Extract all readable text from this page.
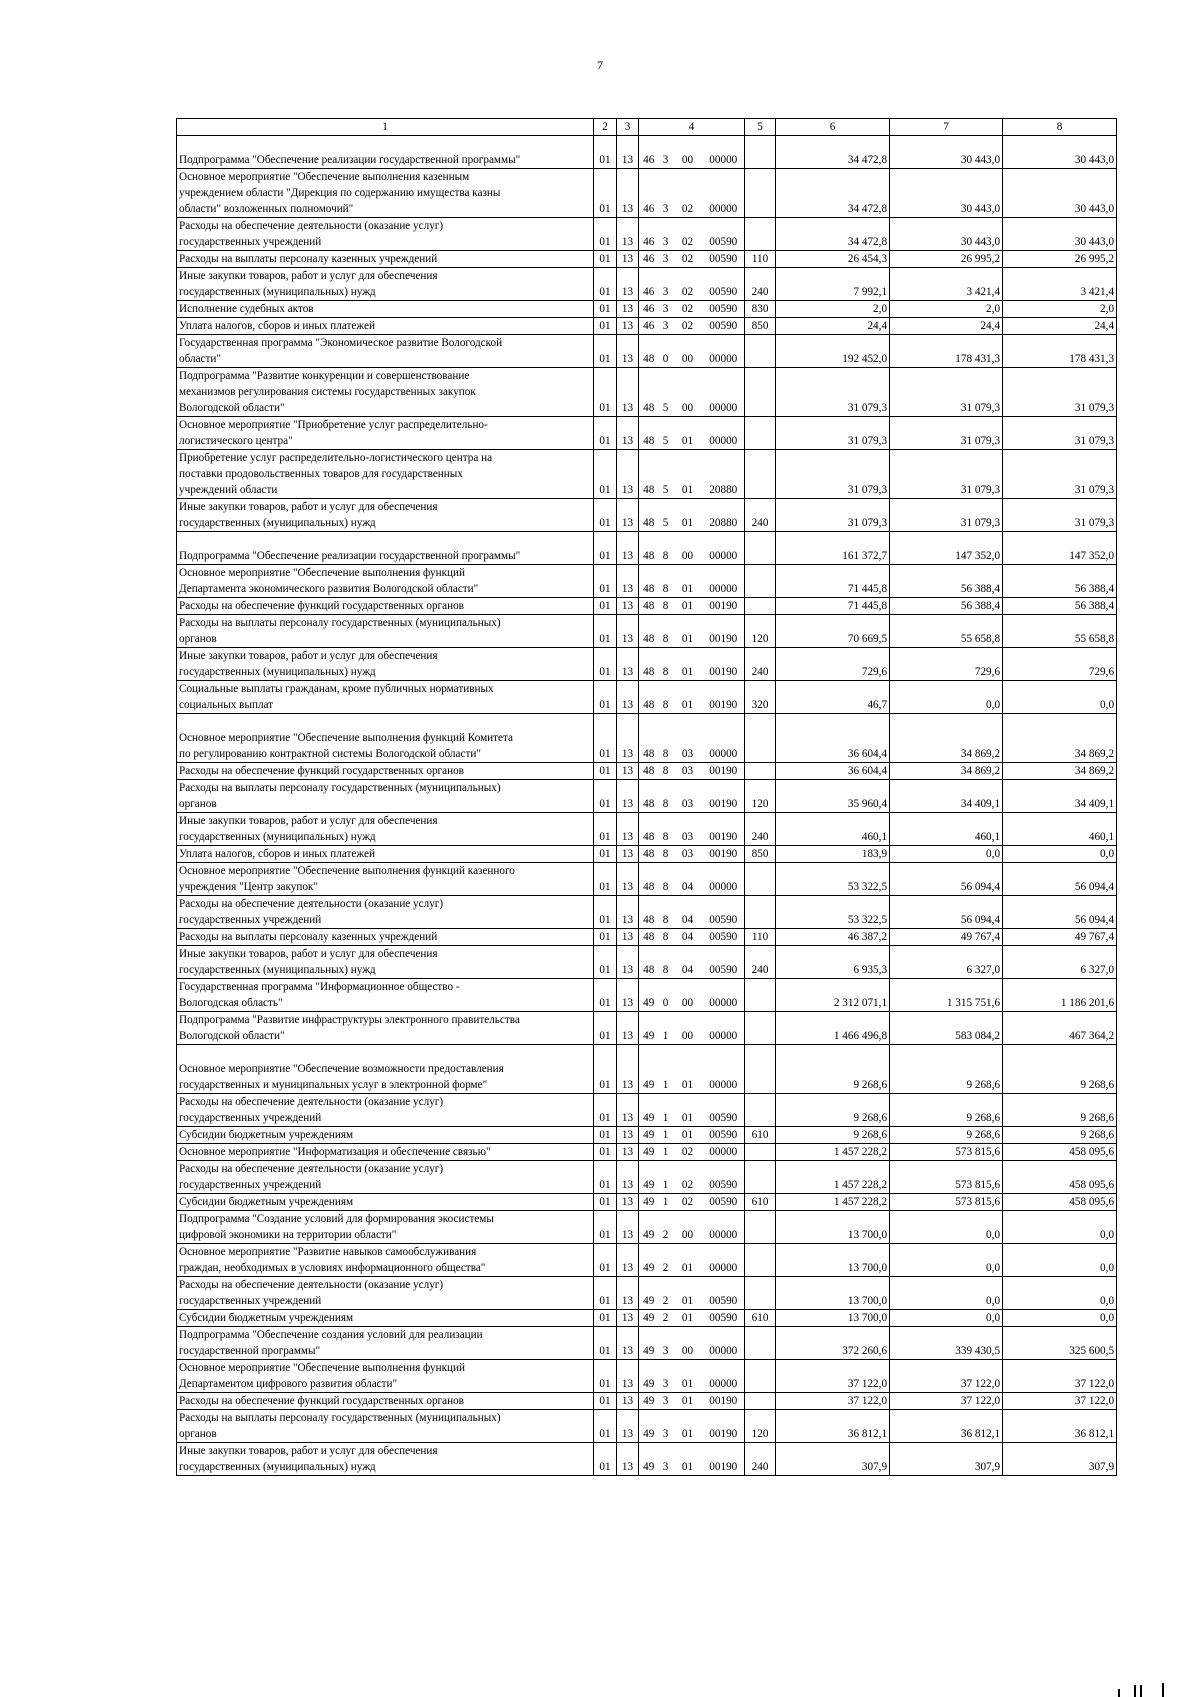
7
1	2	3	4				5	6	7	8

Подпрограмма "Обеспечение реализации государственной программы"	01	13	46	3	00	00000		34 472,8	30 443,0	30 443,0

Основное мероприятие "Обеспечение выполнения казенным
учреждением области "Дирекция по содержанию имущества казны
области" возложенных полномочий"	01	13	46	3	02	00000		34 472,8	30 443,0	30 443,0

Расходы на обеспечение деятельности (оказание услуг)
государственных учреждений	01	13	46	3	02	00590		34 472,8	30 443,0	30 443,0

Расходы на выплаты персоналу казенных учреждений	01	13	46	3	02	00590	110	26 454,3	26 995,2	26 995,2

Иные закупки товаров, работ и услуг для обеспечения
государственных (муниципальных) нужд	01	13	46	3	02	00590	240	7 992,1	3 421,4	3 421,4

Исполнение судебных актов	01	13	46	3	02	00590	830	2,0	2,0	2,0

Уплата налогов, сборов и иных платежей	01	13	46	3	02	00590	850	24,4	24,4	24,4

Государственная программа "Экономическое развитие Вологодской
области"	01	13	48	0	00	00000		192 452,0	178 431,3	178 431,3

Подпрограмма "Развитие конкуренции и совершенствование
механизмов регулирования системы государственных закупок
Вологодской области"	01	13	48	5	00	00000		31 079,3	31 079,3	31 079,3

Основное мероприятие "Приобретение услуг распределительно-
логистического центра"	01	13	48	5	01	00000		31 079,3	31 079,3	31 079,3

Приобретение услуг распределительно-логистического центра на
поставки продовольственных товаров для государственных
учреждений области	01	13	48	5	01	20880		31 079,3	31 079,3	31 079,3

Иные закупки товаров, работ и услуг для обеспечения
государственных (муниципальных) нужд	01	13	48	5	01	20880	240	31 079,3	31 079,3	31 079,3

Подпрограмма "Обеспечение реализации государственной программы"	01	13	48	8	00	00000		161 372,7	147 352,0	147 352,0

Основное мероприятие "Обеспечение выполнения функций
Департамента экономического развития Вологодской области"	01	13	48	8	01	00000		71 445,8	56 388,4	56 388,4

Расходы на обеспечение функций государственных органов	01	13	48	8	01	00190		71 445,8	56 388,4	56 388,4

Расходы на выплаты персоналу государственных (муниципальных)
органов	01	13	48	8	01	00190	120	70 669,5	55 658,8	55 658,8

Иные закупки товаров, работ и услуг для обеспечения
государственных (муниципальных) нужд	01	13	48	8	01	00190	240	729,6	729,6	729,6

Социальные выплаты гражданам, кроме публичных нормативных
социальных выплат	01	13	48	8	01	00190	320	46,7	0,0	0,0

Основное мероприятие "Обеспечение выполнения функций Комитета
по регулированию контрактной системы Вологодской области"	01	13	48	8	03	00000		36 604,4	34 869,2	34 869,2

Расходы на обеспечение функций государственных органов	01	13	48	8	03	00190		36 604,4	34 869,2	34 869,2

Расходы на выплаты персоналу государственных (муниципальных)
органов	01	13	48	8	03	00190	120	35 960,4	34 409,1	34 409,1

Иные закупки товаров, работ и услуг для обеспечения
государственных (муниципальных) нужд	01	13	48	8	03	00190	240	460,1	460,1	460,1

Уплата налогов, сборов и иных платежей	01	13	48	8	03	00190	850	183,9	0,0	0,0

Основное мероприятие "Обеспечение выполнения функций казенного
учреждения "Центр закупок"	01	13	48	8	04	00000		53 322,5	56 094,4	56 094,4

Расходы на обеспечение деятельности (оказание услуг)
государственных учреждений	01	13	48	8	04	00590		53 322,5	56 094,4	56 094,4

Расходы на выплаты персоналу казенных учреждений	01	13	48	8	04	00590	110	46 387,2	49 767,4	49 767,4

Иные закупки товаров, работ и услуг для обеспечения
государственных (муниципальных) нужд	01	13	48	8	04	00590	240	6 935,3	6 327,0	6 327,0

Государственная программа "Информационное общество -
Вологодская область"	01	13	49	0	00	00000		2 312 071,1	1 315 751,6	1 186 201,6

Подпрограмма "Развитие инфраструктуры электронного правительства
Вологодской области"	01	13	49	1	00	00000		1 466 496,8	583 084,2	467 364,2

Основное мероприятие "Обеспечение возможности предоставления
государственных и муниципальных услуг в электронной форме"	01	13	49	1	01	00000		9 268,6	9 268,6	9 268,6

Расходы на обеспечение деятельности (оказание услуг)
государственных учреждений	01	13	49	1	01	00590		9 268,6	9 268,6	9 268,6

Субсидии бюджетным учреждениям	01	13	49	1	01	00590	610	9 268,6	9 268,6	9 268,6

Основное мероприятие "Информатизация и обеспечение связью"	01	13	49	1	02	00000		1 457 228,2	573 815,6	458 095,6

Расходы на обеспечение деятельности (оказание услуг)
государственных учреждений	01	13	49	1	02	00590		1 457 228,2	573 815,6	458 095,6

Субсидии бюджетным учреждениям	01	13	49	1	02	00590	610	1 457 228,2	573 815,6	458 095,6

Подпрограмма "Создание условий для формирования экосистемы
цифровой экономики на территории области"	01	13	49	2	00	00000		13 700,0	0,0	0,0

Основное мероприятие "Развитие навыков самообслуживания
граждан, необходимых в условиях информационного общества"	01	13	49	2	01	00000		13 700,0	0,0	0,0

Расходы на обеспечение деятельности (оказание услуг)
государственных учреждений	01	13	49	2	01	00590		13 700,0	0,0	0,0

Субсидии бюджетным учреждениям	01	13	49	2	01	00590	610	13 700,0	0,0	0,0

Подпрограмма "Обеспечение создания условий для реализации
государственной программы"	01	13	49	3	00	00000		372 260,6	339 430,5	325 600,5

Основное мероприятие "Обеспечение выполнения функций
Департаментом цифрового развития области"	01	13	49	3	01	00000		37 122,0	37 122,0	37 122,0

Расходы на обеспечение функций государственных органов	01	13	49	3	01	00190		37 122,0	37 122,0	37 122,0

Расходы на выплаты персоналу государственных (муниципальных)
органов	01	13	49	3	01	00190	120	36 812,1	36 812,1	36 812,1

Иные закупки товаров, работ и услуг для обеспечения
государственных (муниципальных) нужд	01	13	49	3	01	00190	240	307,9	307,9	307,9
